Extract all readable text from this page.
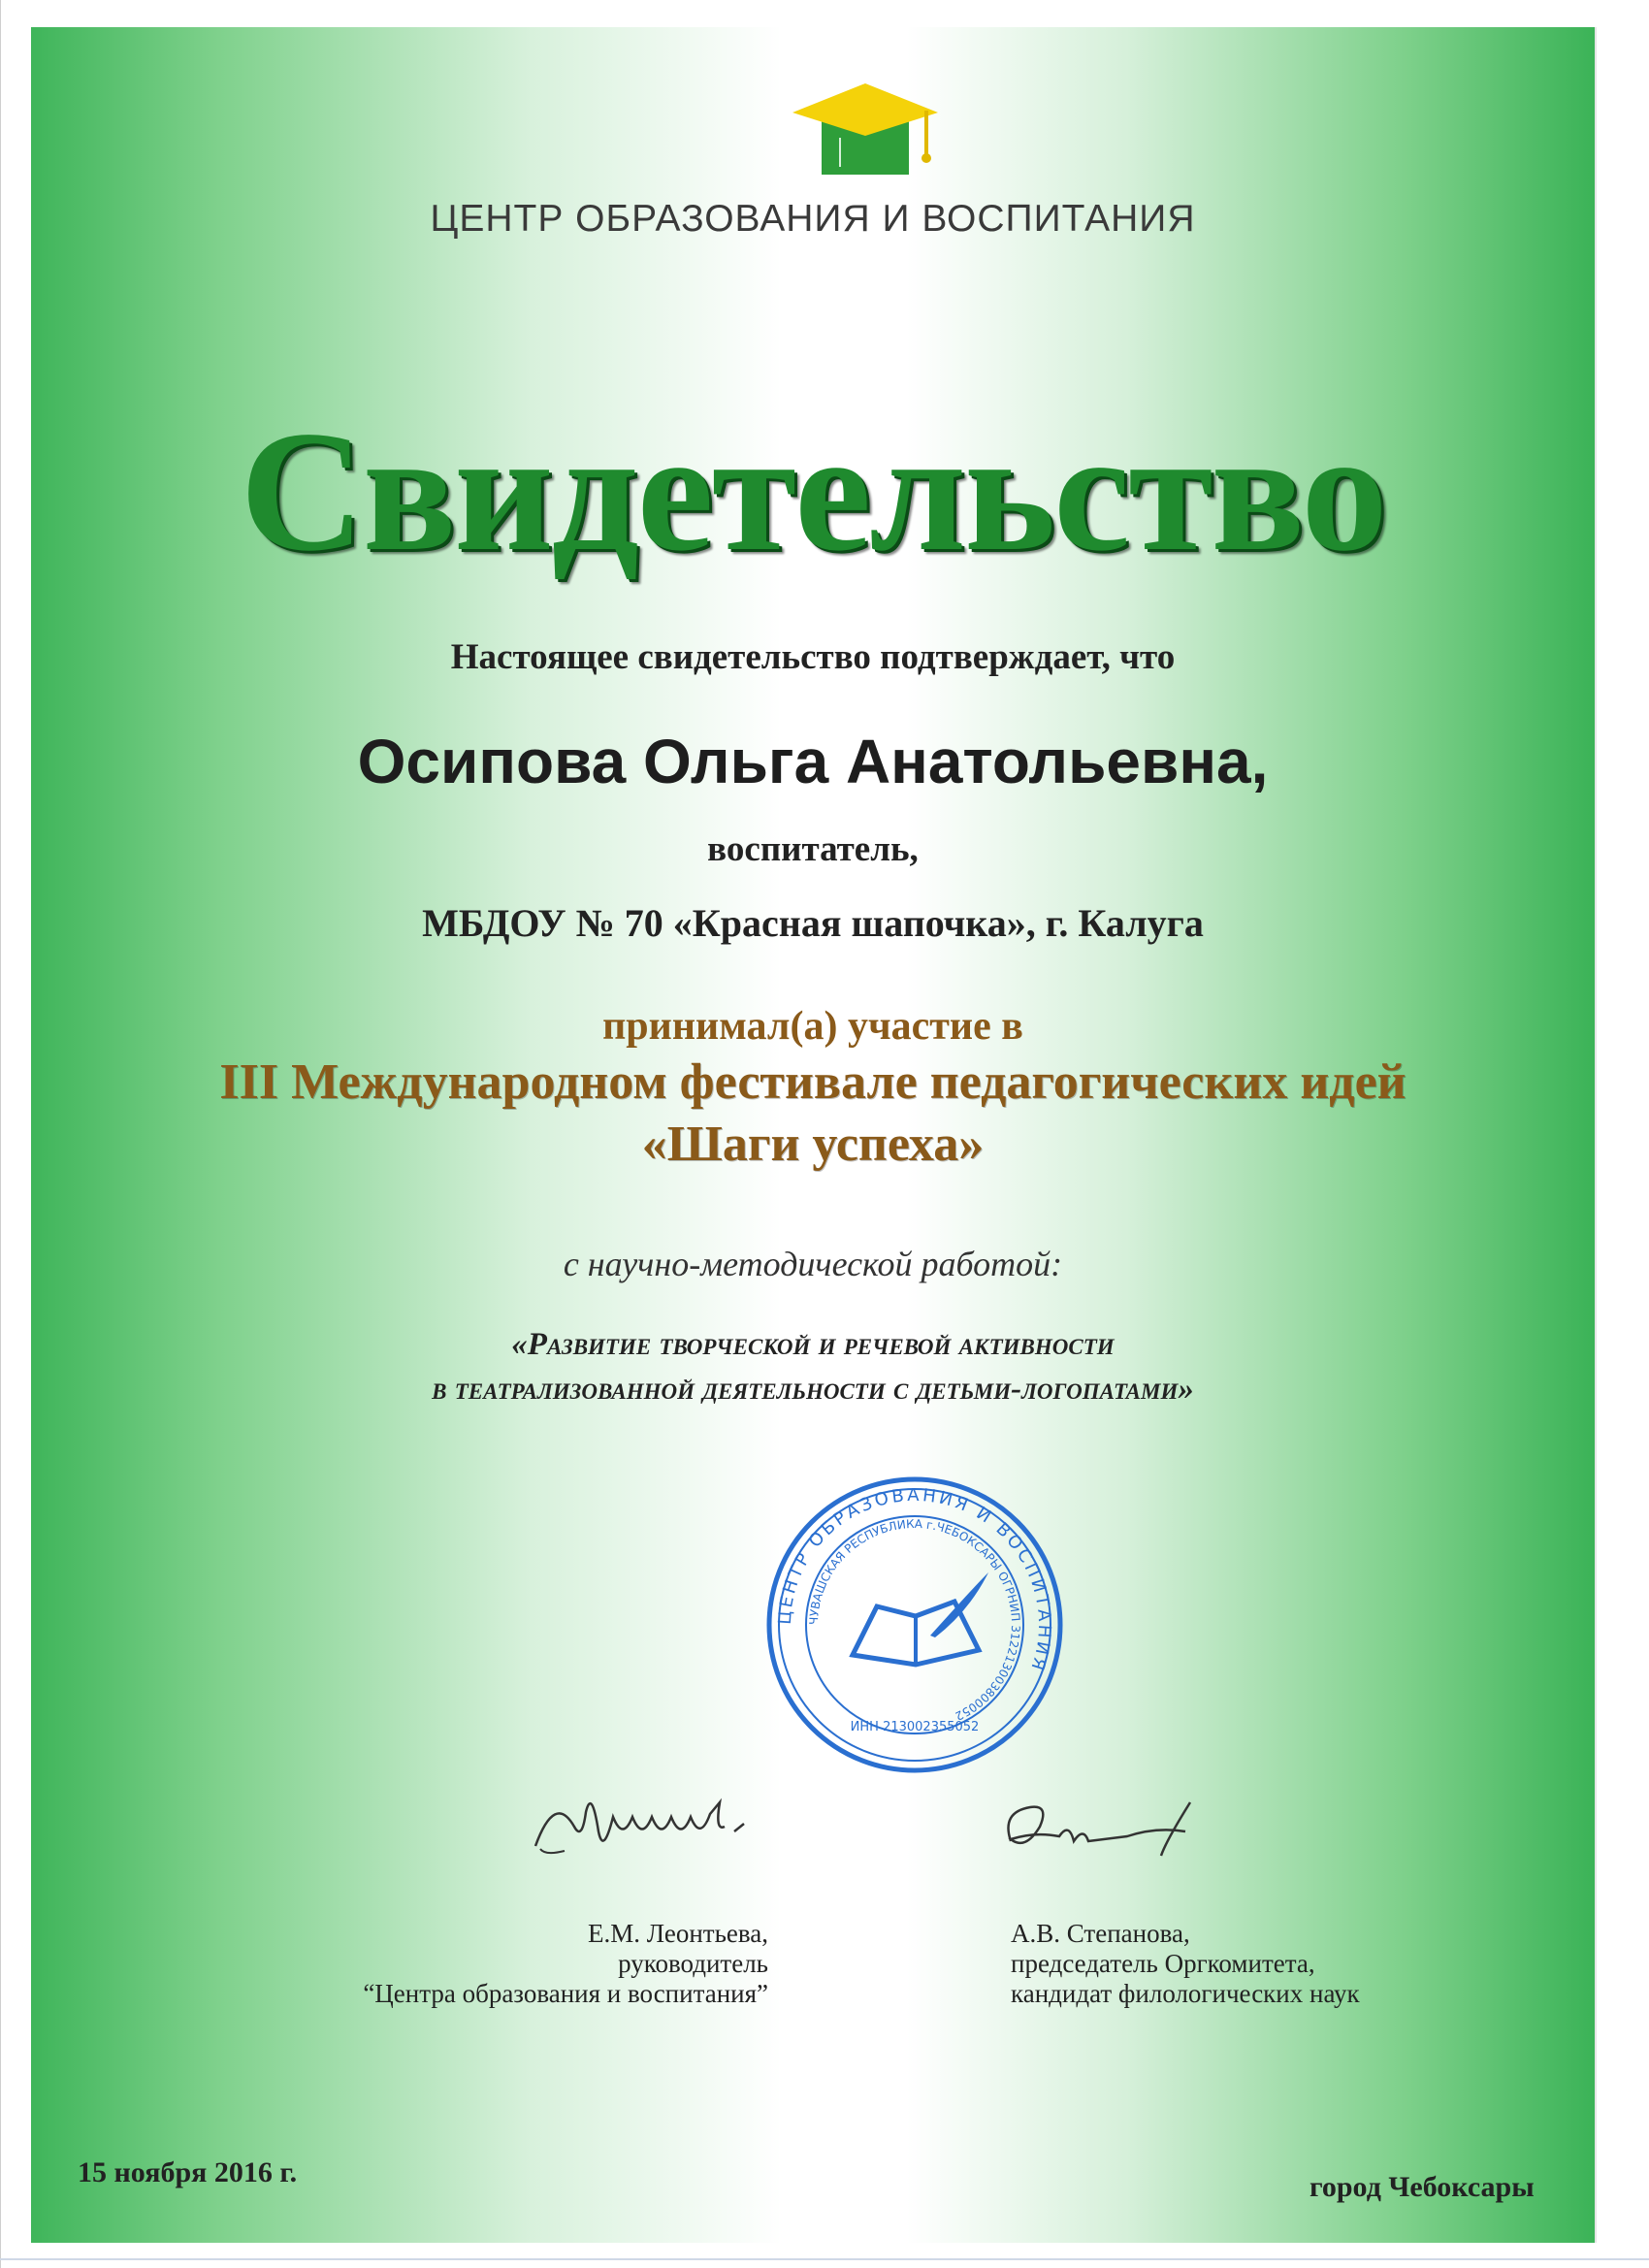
ЦЕНТР ОБРАЗОВАНИЯ И ВОСПИТАНИЯ
Свидетельство
Настоящее свидетельство подтверждает, что
Осипова Ольга Анатольевна,
воспитатель,
МБДОУ № 70 «Красная шапочка», г. Калуга
принимал(а) участие в
III Международном фестивале педагогических идей
«Шаги успеха»
с научно-методической работой:
«Развитие творческой и речевой активности
в театрализованной деятельности с детьми-логопатами»
ЦЕНТР ОБРАЗОВАНИЯ И ВОСПИТАНИЯ
ЧУВАШСКАЯ РЕСПУБЛИКА г.ЧЕБОКСАРЫ ОГРНИП 312213003800052
ИНН 213002355052
Е.М. Леонтьева,
руководитель
“Центра образования и воспитания”
А.В. Степанова,
председатель Оргкомитета,
кандидат филологических наук
15 ноября 2016 г.	город Чебоксары
